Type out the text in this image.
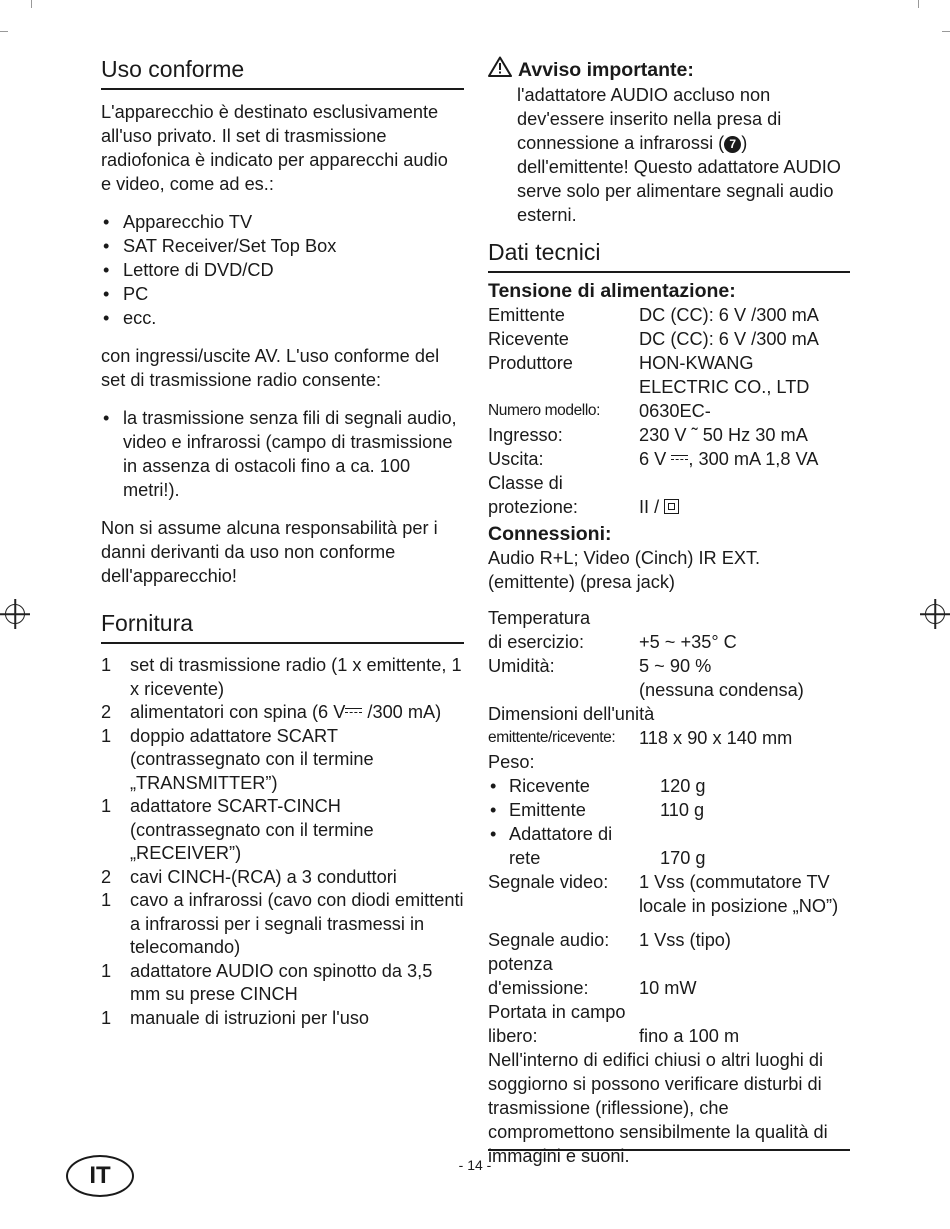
Uso conforme

L'apparecchio è destinato esclusivamente all'uso privato. Il set di trasmissione radiofonica è indicato per apparecchi audio

e video, come ad es.:

• Apparecchio TV
• SAT Receiver/Set Top Box
• Lettore di DVD/CD
• PC
• ecc.

con ingressi/uscite AV. L'uso conforme del set di trasmissione radio consente:

• la trasmissione senza fili di segnali audio, video e infrarossi (campo di trasmissione in assenza di ostacoli fino a ca. 100 metri!).

Non si assume alcuna responsabilità per i danni derivanti da uso non conforme dell'apparecchio!

Fornitura
1	set di trasmissione radio (1 x emittente, 1 x ricevente)
2	alimentatori con spina (6 V /300 mA)
1	doppio adattatore SCART (contrassegnato con il termine „TRANSMITTER”)
1	adattatore SCART-CINCH (contrassegnato con il termine „RECEIVER”)
2	cavi CINCH-(RCA) a 3 conduttori
1	cavo a infrarossi (cavo con diodi emittenti a infrarossi per i segnali trasmessi in telecomando)
1	adattatore AUDIO con spinotto da 3,5 mm su prese CINCH
1	manuale di istruzioni per l'uso
Avviso importante:
l'adattatore AUDIO accluso non dev'essere inserito nella presa di connessione a infrarossi ( 7 ) dell'emittente! Questo adattatore AUDIO serve solo per alimentare segnali audio esterni.
Dati tecnici
Tensione di alimentazione:
Emittente	DC (CC): 6 V /300 mA
Ricevente	DC (CC): 6 V /300 mA
Produttore	HON-KWANG
ELECTRIC CO., LTD
Numero modello:	0630EC-
Ingresso:	230 V ˜ 50 Hz 30 mA
Uscita:	6 V , 300 mA 1,8 VA
Classe di
protezione:	II /
Connessioni:

Audio R+L; Video (Cinch) IR EXT. (emittente) (presa jack)

Temperatura
di esercizio:	+5 ~ +35° C
Umidità:	5 ~ 90 %
(nessuna condensa)
Dimensioni dell'unità
emittente/ricevente:	118 x 90 x 140 mm
Peso:
• Ricevente	120 g
• Emittente	110 g
• Adattatore di
rete	170 g
Segnale video:	1 Vss (commutatore TV
locale in posizione „NO”)
Segnale audio:	1 Vss (tipo)
potenza
d'emissione:	10 mW
Portata in campo
libero:	fino a 100 m

Nell'interno di edifici chiusi o altri luoghi di soggiorno si possono verificare disturbi di trasmissione (riflessione), che compromettono sensibilmente la qualità di immagini e suoni.

IT	- 14 -
